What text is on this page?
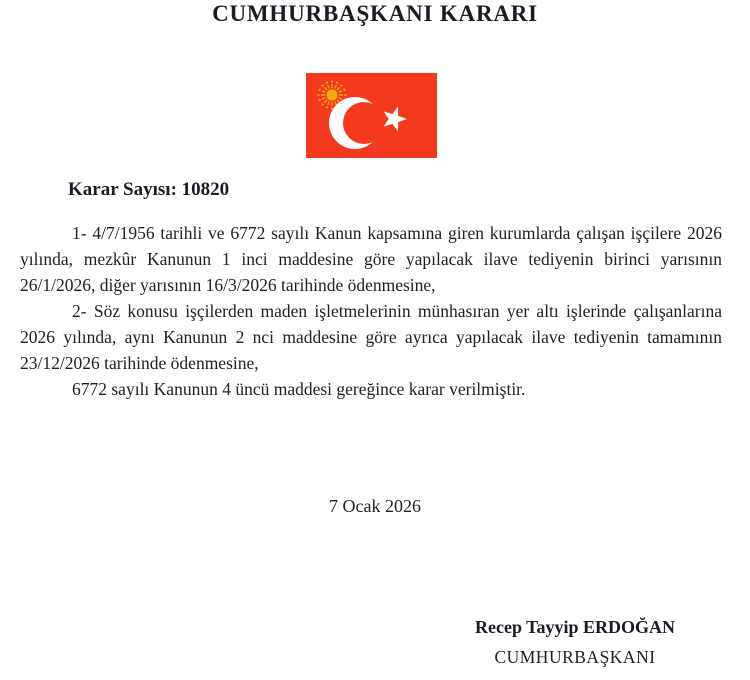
CUMHURBAŞKANI KARARI
Karar Sayısı: 10820

1- 4/7/1956 tarihli ve 6772 sayılı Kanun kapsamına giren kurumlarda çalışan işçilere 2026 yılında, mezkûr Kanunun 1 inci maddesine göre yapılacak ilave tediyenin birinci yarısının 26/1/2026, diğer yarısının 16/3/2026 tarihinde ödenmesine,

2- Söz konusu işçilerden maden işletmelerinin münhasıran yer altı işlerinde çalışanlarına 2026 yılında, aynı Kanunun 2 nci maddesine göre ayrıca yapılacak ilave tediyenin tamamının 23/12/2026 tarihinde ödenmesine,

6772 sayılı Kanunun 4 üncü maddesi gereğince karar verilmiştir.

7 Ocak 2026

Recep Tayyip ERDOĞAN

CUMHURBAŞKANI
